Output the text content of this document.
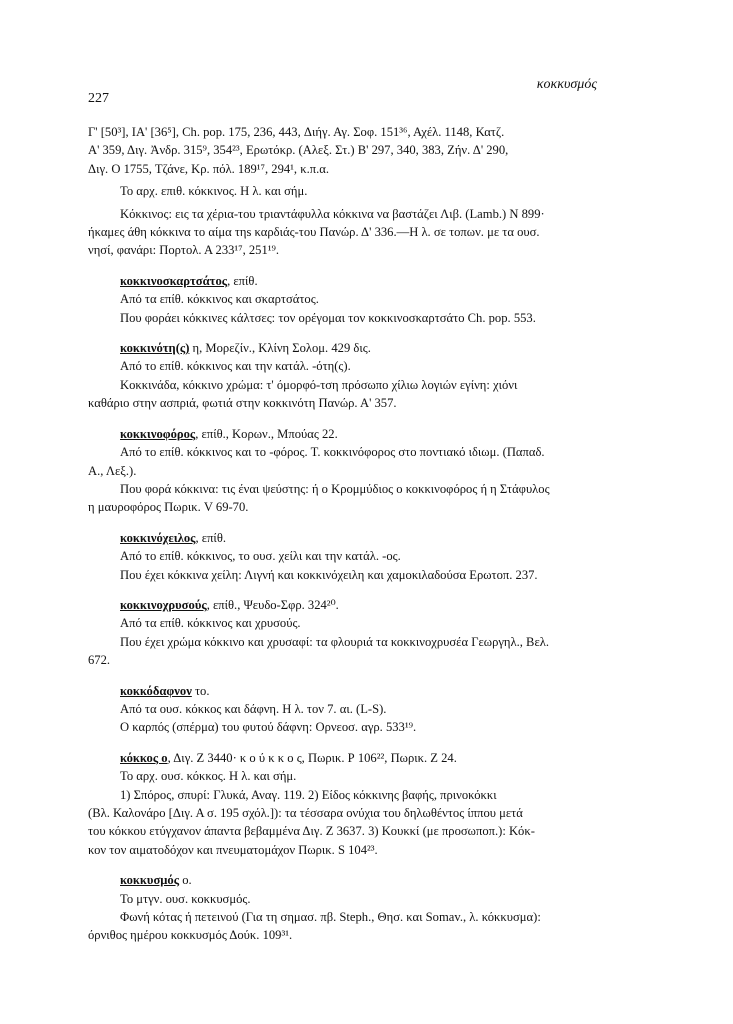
227
κοκκυσμός

Γ' [50³], ΙΑ' [36⁵], Ch. pop. 175, 236, 443, Διήγ. Αγ. Σοφ. 151³⁶, Αχέλ. 1148, Κατζ.

Α' 359, Διγ. Ἀνδρ. 315⁹, 354²³, Ερωτόκρ. (Αλεξ. Στ.) Β' 297, 340, 383, Ζήν. Δ' 290,

Διγ. Ο 1755, Τζάνε, Κρ. πόλ. 189¹⁷, 294¹, κ.π.α.

Το αρχ. επιθ. κόκκινος. Η λ. και σήμ.

Κόκκινος: εις τα χέρια-του τριαντάφυλλα κόκκινα να βαστάζει Λιβ. (Lamb.) Ν 899·

ήκαμες άθη κόκκινα το αίμα τηs καρδιάς-του Πανώρ. Δ' 336.—Η λ. σε τοπων. με τα ουσ.

νησί, φανάρι: Πορτολ. Α 233¹⁷, 251¹⁹.

κοκκινοσκαρτσάτος, επίθ.

Από τα επίθ. κόκκινος και σκαρτσάτος.

Που φοράει κόκκινες κάλτσες: τον ορέγομαι τον κοκκινοσκαρτσάτο Ch. pop. 553.

κοκκινότη(ς) η, Μορεζίν., Κλίνη Σολομ. 429 δις.

Από το επίθ. κόκκινος και την κατάλ. -ότη(ς).

Κοκκινάδα, κόκκινο χρώμα: τ' όμορφό-τση πρόσωπο χίλιω λογιών εγίνη: χιόνι

καθάριο στην ασπριά, φωτιά στην κοκκινότη Πανώρ. Α' 357.

κοκκινοφόρος, επίθ., Κορων., Μπούας 22.

Από το επίθ. κόκκινος και το -φόρος. Τ. κοκκινόφορος στο ποντιακό ιδιωμ. (Παπαδ.

Α., Λεξ.).

Που φορά κόκκινα: τις έναι ψεύστης: ή ο Κρομμύδιος ο κοκκινοφόρος ή η Στάφυλος

η μαυροφόρος Πωρικ. V 69-70.

κοκκινόχειλος, επίθ.

Από το επίθ. κόκκινος, το ουσ. χείλι και την κατάλ. -ος.

Που έχει κόκκινα χείλη: Λιγνή και κοκκινόχειλη και χαμοκιλαδούσα Ερωτοπ. 237.

κοκκινοχρυσούς, επίθ., Ψευδο-Σφρ. 324²⁰.

Από τα επίθ. κόκκινος και χρυσούς.

Που έχει χρώμα κόκκινο και χρυσαφί: τα φλουριά τα κοκκινοχρυσέα Γεωργηλ., Βελ.

672.

κοκκόδαφνον το.

Από τα ουσ. κόκκος και δάφνη. Η λ. τον 7. αι. (L-S).

Ο καρπός (σπέρμα) του φυτού δάφνη: Ορνεοσ. αγρ. 533¹⁹.

κόκκος ο, Διγ. Ζ 3440· κ ο ύ κ κ ο ς, Πωρικ. Ρ 106²², Πωρικ. Ζ 24.

Το αρχ. ουσ. κόκκος. Η λ. και σήμ.

1) Σπόρος, σπυρί: Γλυκά, Αναγ. 119. 2) Είδος κόκκινης βαφής, πρινοκόκκι

(Βλ. Καλονάρο [Διγ. Α σ. 195 σχόλ.]): τα τέσσαρα ονύχια του δηλωθέντος ίππου μετά

του κόκκου ετύγχανον άπαντα βεβαμμένα Διγ. Ζ 3637. 3) Κουκκί (με προσωποπ.): Κόκ-

κον τον αιματοδόχον και πνευματομάχον Πωρικ. S 104²³.

κοκκυσμός ο.

Το μτγν. ουσ. κοκκυσμός.

Φωνή κότας ή πετεινού (Για τη σημασ. πβ. Steph., Θησ. και Somav., λ. κόκκυσμα):

όρνιθος ημέρου κοκκυσμός Δούκ. 109³¹.
